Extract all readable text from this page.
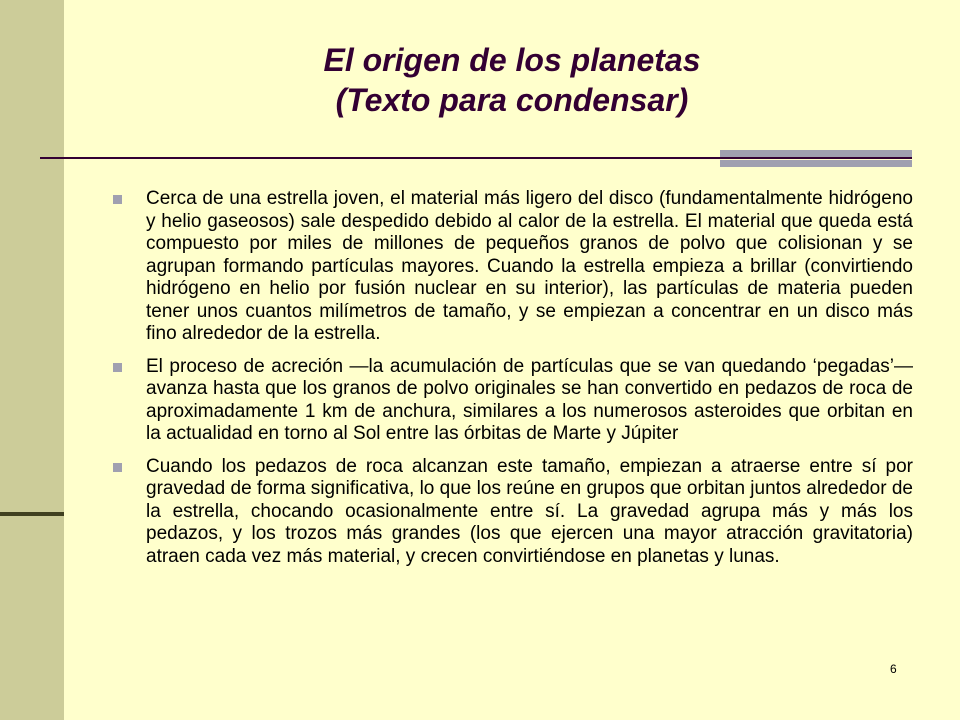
El origen de los planetas

(Texto para condensar)

Cerca de una estrella joven, el material más ligero del disco (fundamentalmente hidrógeno y helio gaseosos) sale despedido debido al calor de la estrella. El material que queda está compuesto por miles de millones de pequeños granos de polvo que colisionan y se agrupan formando partículas mayores. Cuando la estrella empieza a brillar (convirtiendo hidrógeno en helio por fusión nuclear en su interior), las partículas de materia pueden tener unos cuantos milímetros de tamaño, y se empiezan a concentrar en un disco más fino alrededor de la estrella.
El proceso de acreción —la acumulación de partículas que se van quedando ‘pegadas’— avanza hasta que los granos de polvo originales se han convertido en pedazos de roca de aproximadamente 1 km de anchura, similares a los numerosos asteroides que orbitan en la actualidad en torno al Sol entre las órbitas de Marte y Júpiter
Cuando los pedazos de roca alcanzan este tamaño, empiezan a atraerse entre sí por gravedad de forma significativa, lo que los reúne en grupos que orbitan juntos alrededor de la estrella, chocando ocasionalmente entre sí. La gravedad agrupa más y más los pedazos, y los trozos más grandes (los que ejercen una mayor atracción gravitatoria) atraen cada vez más material, y crecen convirtiéndose en planetas y lunas.
6
